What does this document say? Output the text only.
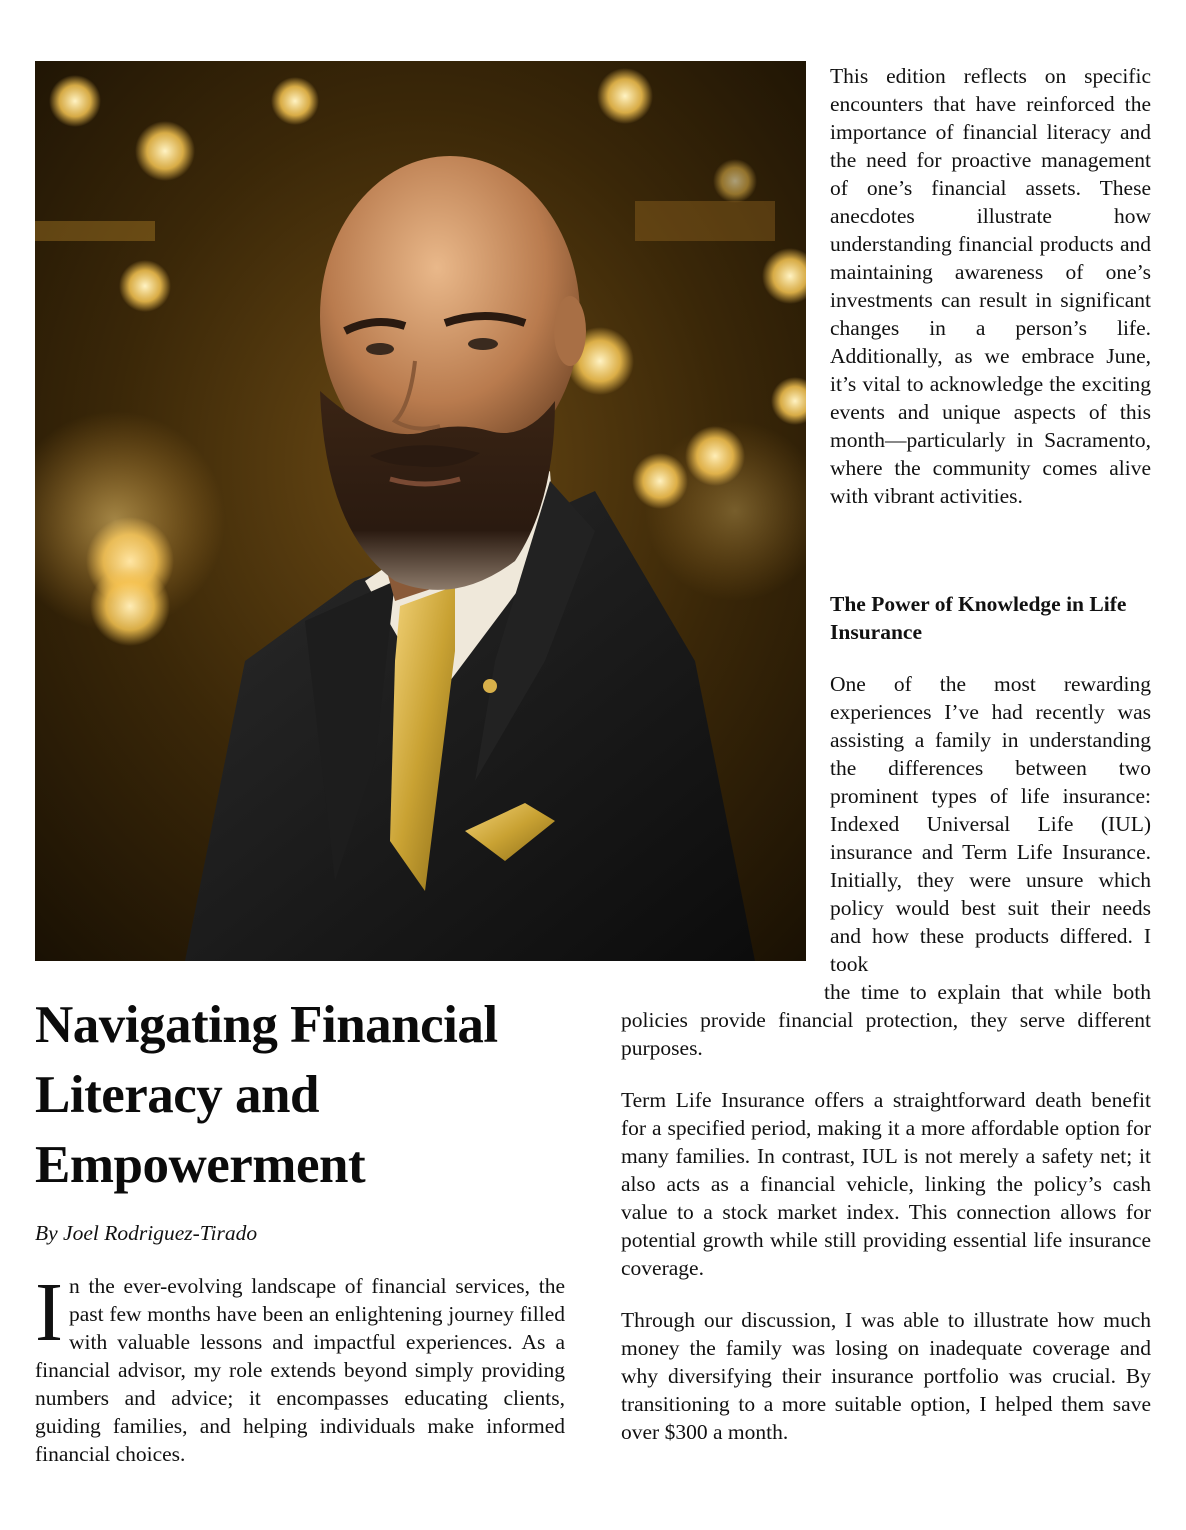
This edition reflects on specific encounters that have reinforced the importance of financial literacy and the need for proactive management of one’s financial assets. These anecdotes illustrate how understanding financial products and maintaining awareness of one’s investments can result in significant changes in a person’s life. Additionally, as we embrace June, it’s vital to acknowledge the exciting events and unique aspects of this month—particularly in Sacramento, where the community comes alive with vibrant activities.

The Power of Knowledge in Life Insurance

One of the most rewarding experiences I’ve had recently was assisting a family in understanding the differences between two prominent types of life insurance: Indexed Universal Life (IUL) insurance and Term Life Insurance. Initially, they were unsure which policy would best suit their needs and how these products differed. I took

the time to explain that while both policies provide financial protection, they serve different purposes.
Term Life Insurance offers a straightforward death benefit for a specified period, making it a more affordable option for many families. In contrast, IUL is not merely a safety net; it also acts as a financial vehicle, linking the policy’s cash value to a stock market index. This connection allows for potential growth while still providing essential life insurance coverage.
Through our discussion, I was able to illustrate how much money the family was losing on inadequate coverage and why diversifying their insurance portfolio was crucial. By transitioning to a more suitable option, I helped them save over $300 a month.
Navigating Financial Literacy and Empowerment

By Joel Rodriguez-Tirado

In the ever-evolving landscape of financial services, the past few months have been an enlightening journey filled with valuable lessons and impactful experiences. As a financial advisor, my role extends beyond simply providing numbers and advice; it encompasses educating clients, guiding families, and helping individuals make informed financial choices.
